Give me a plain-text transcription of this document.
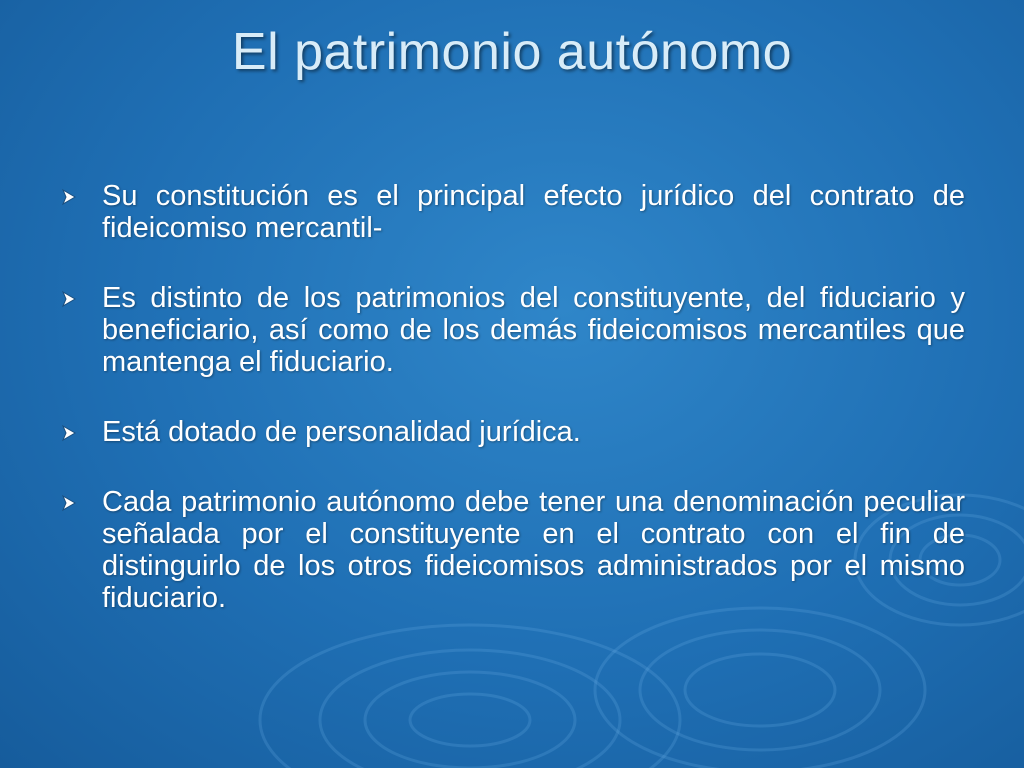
El patrimonio autónomo
Su constitución es el principal efecto jurídico del contrato de fideicomiso mercantil-
Es distinto de los patrimonios del constituyente, del fiduciario y beneficiario, así como de los demás fideicomisos mercantiles que mantenga el fiduciario.
Está dotado de personalidad jurídica.
Cada patrimonio autónomo debe tener una denominación peculiar señalada por el constituyente en el contrato con el fin de distinguirlo de los otros fideicomisos administrados por el mismo fiduciario.
